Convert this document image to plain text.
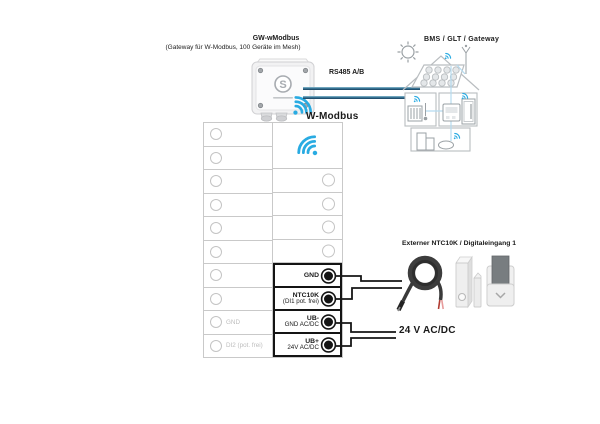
GW-wModbus
(Gateway für W-Modbus, 100 Geräte im Mesh)
GND
DI2 (pot. frei)
GND
NTC10K
(DI1 pot. frei)
UB-
GND AC/DC
UB+
24V AC/DC
S
RS485 A/B
W-Modbus
BMS / GLT / Gateway
Externer NTC10K / Digitaleingang 1
24 V AC/DC
